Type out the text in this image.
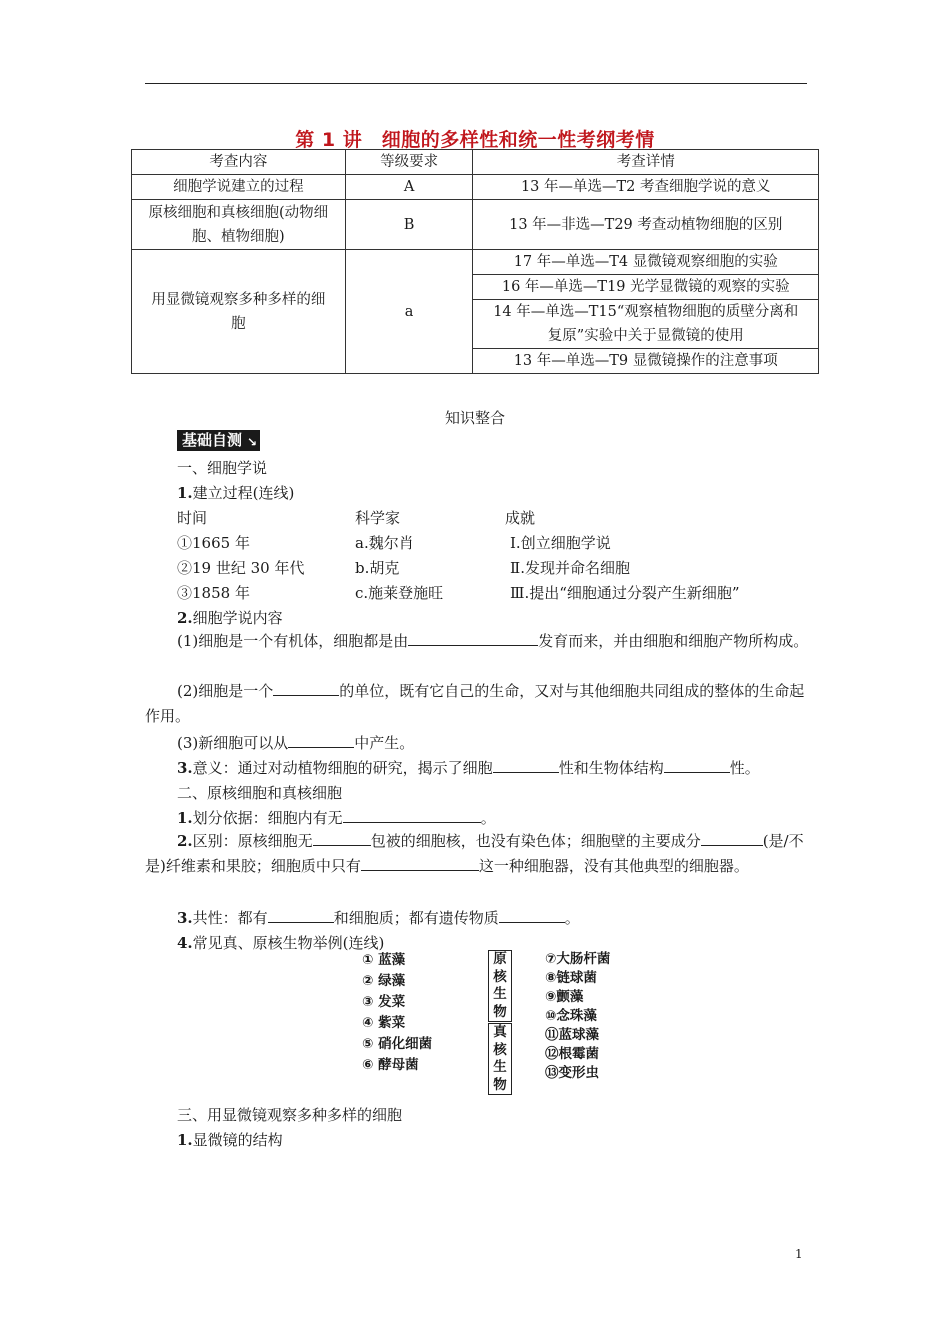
第 1 讲　细胞的多样性和统一性考纲考情
考查内容	等级要求	考查详情
细胞学说建立的过程	A	13 年—单选—T2 考查细胞学说的意义
原核细胞和真核细胞(动物细胞、植物细胞)	B	13 年—非选—T29 考查动植物细胞的区别
用显微镜观察多种多样的细胞	a	17 年—单选—T4 显微镜观察细胞的实验
		16 年—单选—T19 光学显微镜的观察的实验
		14 年—单选—T15“观察植物细胞的质壁分离和复原”实验中关于显微镜的使用
		13 年—单选—T9 显微镜操作的注意事项
知识整合
基础自测 ↘
一、细胞学说
1.建立过程(连线)
时间	科学家	成就
①1665 年	a.魏尔肖	Ⅰ.创立细胞学说
②19 世纪 30 年代	b.胡克	Ⅱ.发现并命名细胞
③1858 年	c.施莱登施旺	Ⅲ.提出“细胞通过分裂产生新细胞”
2.细胞学说内容
(1)细胞是一个有机体，细胞都是由	发育而来，并由细胞和细胞产物所构成。
(2)细胞是一个	的单位，既有它自己的生命，又对与其他细胞共同组成的整体的生命起作用。
(3)新细胞可以从	中产生。
3.意义：通过对动植物细胞的研究，揭示了细胞	性和生物体结构	性。
二、原核细胞和真核细胞
1.划分依据：细胞内有无	。
2.区别：原核细胞无	包被的细胞核，也没有染色体；细胞壁的主要成分	(是/不是)纤维素和果胶；细胞质中只有	这一种细胞器，没有其他典型的细胞器。
3.共性：都有	和细胞质；都有遗传物质	。
4.常见真、原核生物举例(连线)
① 蓝藻
② 绿藻
③ 发菜
④ 紫菜
⑤ 硝化细菌
⑥ 酵母菌
原
核
生
物
真
核
生
物
⑦大肠杆菌
⑧链球菌
⑨颤藻
⑩念珠藻
⑪蓝球藻
⑫根霉菌
⑬变形虫
三、用显微镜观察多种多样的细胞
1.显微镜的结构
1
